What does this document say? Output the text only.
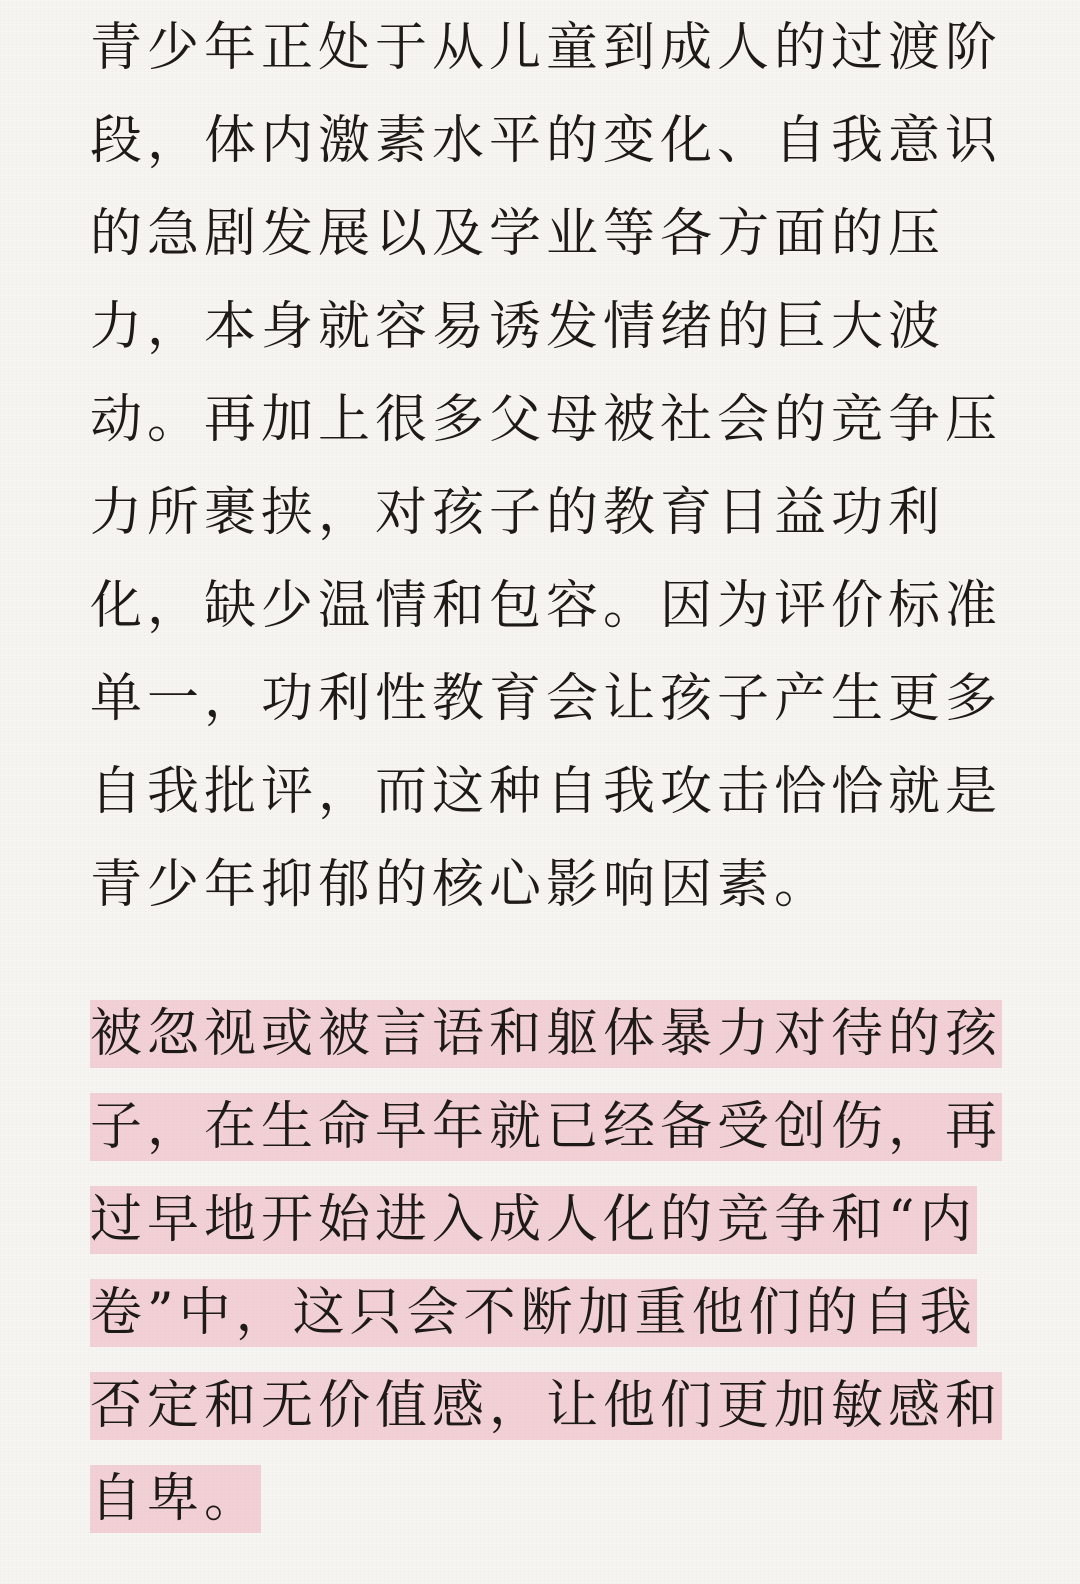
青少年正处于从儿童到成人的过渡阶
段，体内激素水平的变化、自我意识
的急剧发展以及学业等各方面的压
力，本身就容易诱发情绪的巨大波
动。再加上很多父母被社会的竞争压
力所裹挟，对孩子的教育日益功利
化，缺少温情和包容。因为评价标准
单一，功利性教育会让孩子产生更多
自我批评，而这种自我攻击恰恰就是
青少年抑郁的核心影响因素。
被忽视或被言语和躯体暴力对待的孩
子，在生命早年就已经备受创伤，再
过早地开始进入成人化的竞争和“内
卷”中，这只会不断加重他们的自我
否定和无价值感，让他们更加敏感和
自卑。
